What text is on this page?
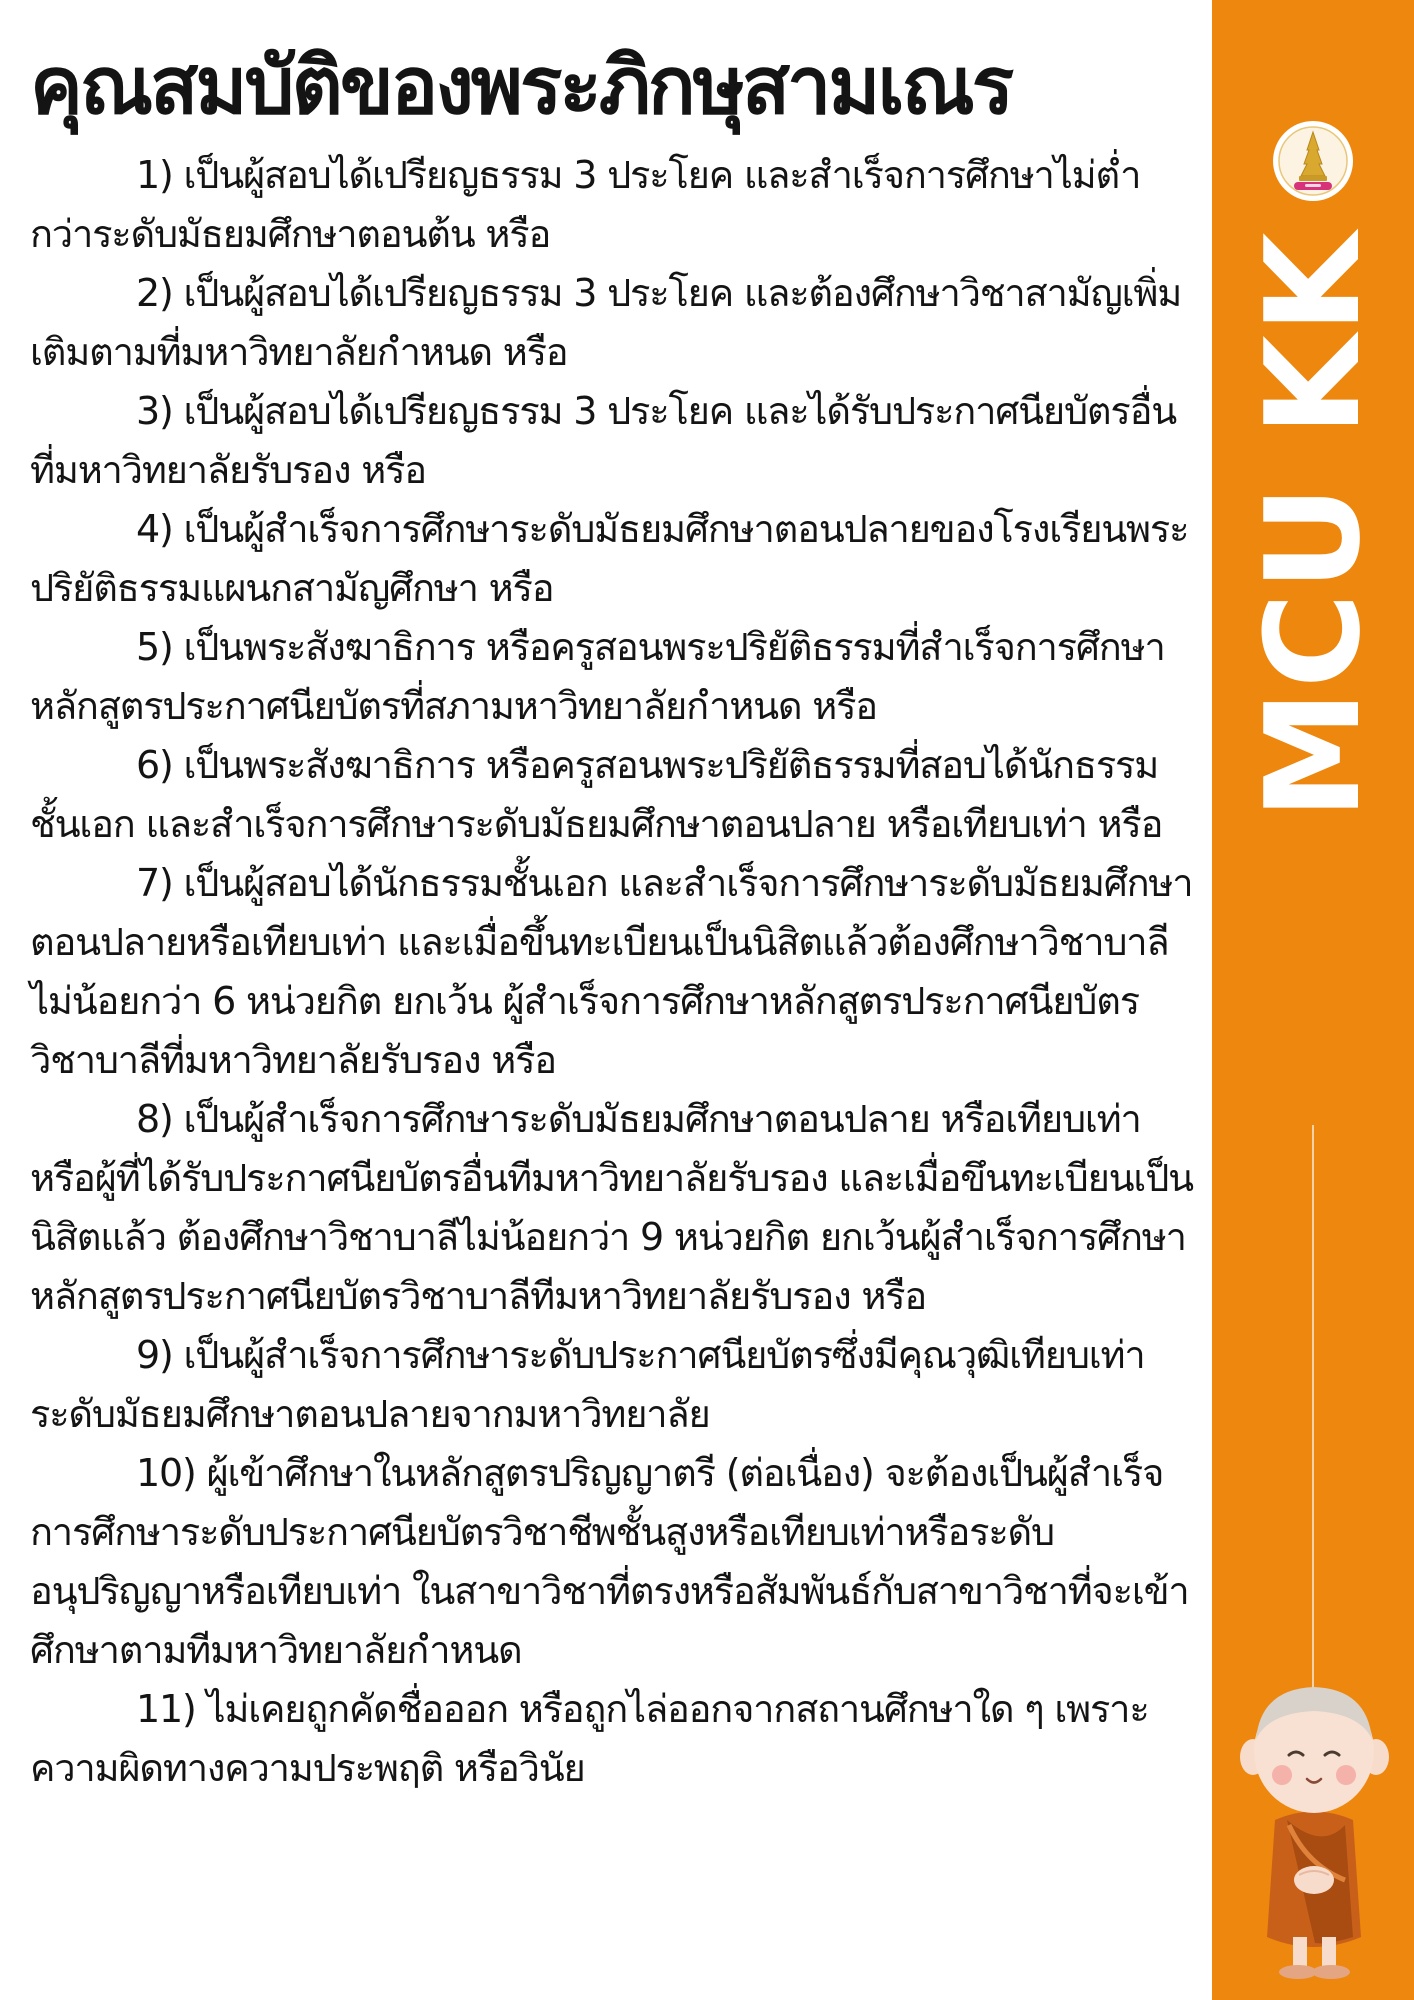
คุณสมบัติของพระภิกษุสามเณร

1) เป็นผู้สอบได้เปรียญธรรม 3 ประโยค และสำเร็จการศึกษาไม่ต่ำกว่าระดับมัธยมศึกษาตอนต้น หรือ

2) เป็นผู้สอบได้เปรียญธรรม 3 ประโยค และต้องศึกษาวิชาสามัญเพิ่มเติมตามที่มหาวิทยาลัยกำหนด หรือ

3) เป็นผู้สอบได้เปรียญธรรม 3 ประโยค และได้รับประกาศนียบัตรอื่นที่มหาวิทยาลัยรับรอง หรือ

4) เป็นผู้สำเร็จการศึกษาระดับมัธยมศึกษาตอนปลายของโรงเรียนพระปริยัติธรรมแผนกสามัญศึกษา หรือ

5) เป็นพระสังฆาธิการ หรือครูสอนพระปริยัติธรรมที่สำเร็จการศึกษาหลักสูตรประกาศนียบัตรที่สภามหาวิทยาลัยกำหนด หรือ

6) เป็นพระสังฆาธิการ หรือครูสอนพระปริยัติธรรมที่สอบได้นักธรรมชั้นเอก และสำเร็จการศึกษาระดับมัธยมศึกษาตอนปลาย หรือเทียบเท่า หรือ

7) เป็นผู้สอบได้นักธรรมชั้นเอก และสำเร็จการศึกษาระดับมัธยมศึกษาตอนปลายหรือเทียบเท่า และเมื่อขึ้นทะเบียนเป็นนิสิตแล้วต้องศึกษาวิชาบาลี ไม่น้อยกว่า 6 หน่วยกิต ยกเว้น ผู้สำเร็จการศึกษาหลักสูตรประกาศนียบัตรวิชาบาลีที่มหาวิทยาลัยรับรอง หรือ

8) เป็นผู้สำเร็จการศึกษาระดับมัธยมศึกษาตอนปลาย หรือเทียบเท่า หรือผู้ที่ได้รับประกาศนียบัตรอื่นทีมหาวิทยาลัยรับรอง และเมื่อขึนทะเบียนเป็นนิสิตแล้ว ต้องศึกษาวิชาบาลีไม่น้อยกว่า 9 หน่วยกิต ยกเว้นผู้สำเร็จการศึกษาหลักสูตรประกาศนียบัตรวิชาบาลีทีมหาวิทยาลัยรับรอง หรือ

9) เป็นผู้สำเร็จการศึกษาระดับประกาศนียบัตรซึ่งมีคุณวุฒิเทียบเท่าระดับมัธยมศึกษาตอนปลายจากมหาวิทยาลัย

10) ผู้เข้าศึกษาในหลักสูตรปริญญาตรี (ต่อเนื่อง) จะต้องเป็นผู้สำเร็จการศึกษาระดับประกาศนียบัตรวิชาชีพชั้นสูงหรือเทียบเท่าหรือระดับอนุปริญญาหรือเทียบเท่า ในสาขาวิชาที่ตรงหรือสัมพันธ์กับสาขาวิชาที่จะเข้าศึกษาตามทีมหาวิทยาลัยกำหนด

11) ไม่เคยถูกคัดชื่อออก หรือถูกไล่ออกจากสถานศึกษาใด ๆ เพราะความผิดทางความประพฤติ หรือวินัย

MCU KK
